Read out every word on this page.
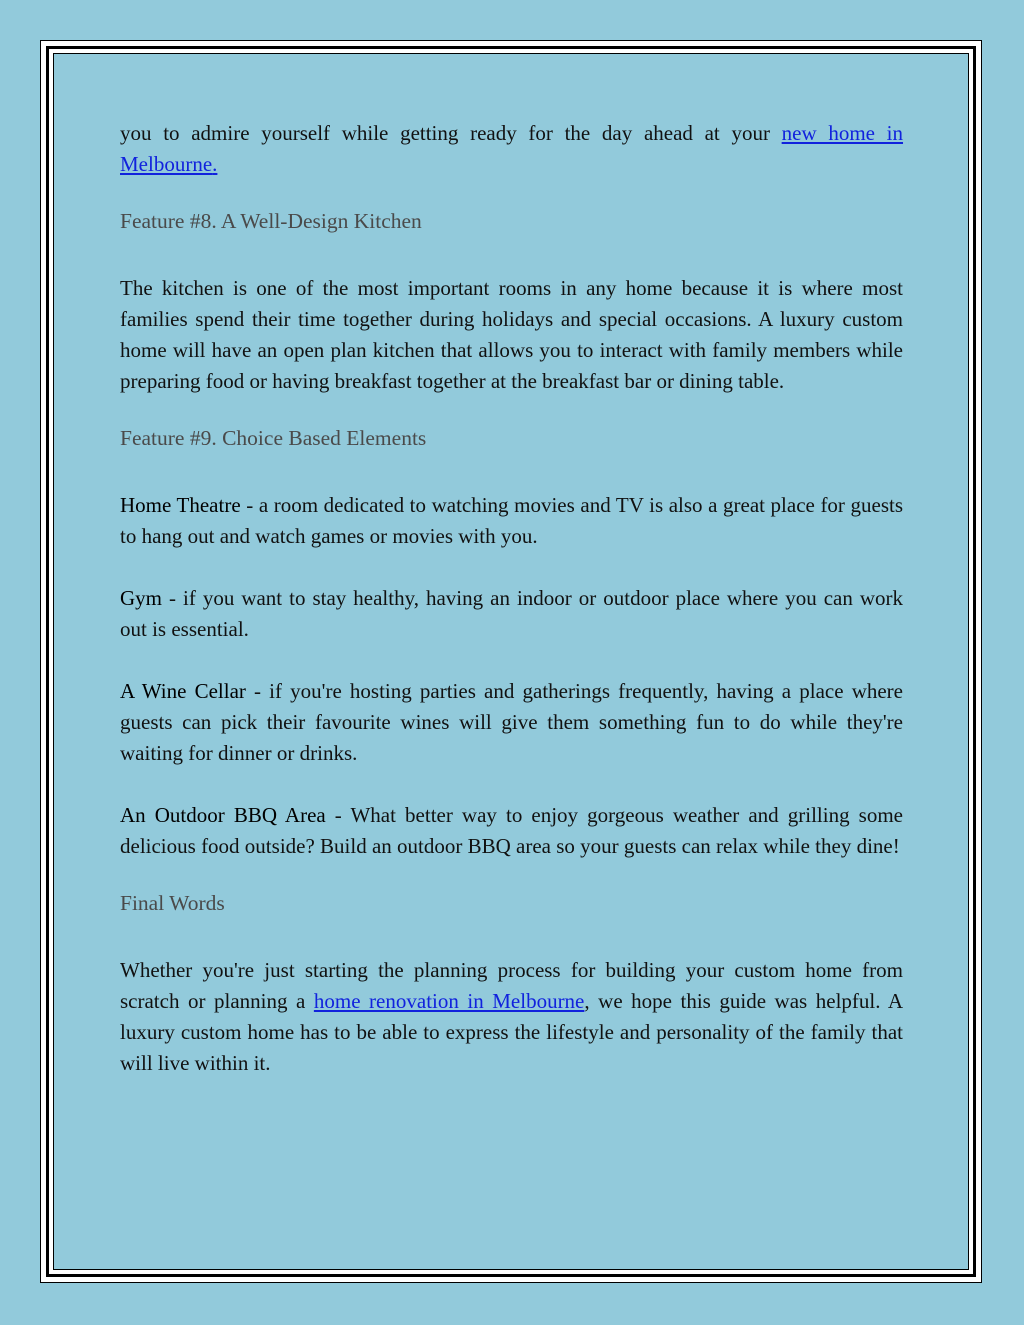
you to admire yourself while getting ready for the day ahead at your new home in Melbourne.

Feature #8. A Well-Design Kitchen

The kitchen is one of the most important rooms in any home because it is where most families spend their time together during holidays and special occasions. A luxury custom home will have an open plan kitchen that allows you to interact with family members while preparing food or having breakfast together at the breakfast bar or dining table.

Feature #9. Choice Based Elements

Home Theatre - a room dedicated to watching movies and TV is also a great place for guests to hang out and watch games or movies with you.

Gym - if you want to stay healthy, having an indoor or outdoor place where you can work out is essential.

A Wine Cellar - if you're hosting parties and gatherings frequently, having a place where guests can pick their favourite wines will give them something fun to do while they're waiting for dinner or drinks.

An Outdoor BBQ Area - What better way to enjoy gorgeous weather and grilling some delicious food outside? Build an outdoor BBQ area so your guests can relax while they dine!

Final Words

Whether you're just starting the planning process for building your custom home from scratch or planning a home renovation in Melbourne, we hope this guide was helpful. A luxury custom home has to be able to express the lifestyle and personality of the family that will live within it.
